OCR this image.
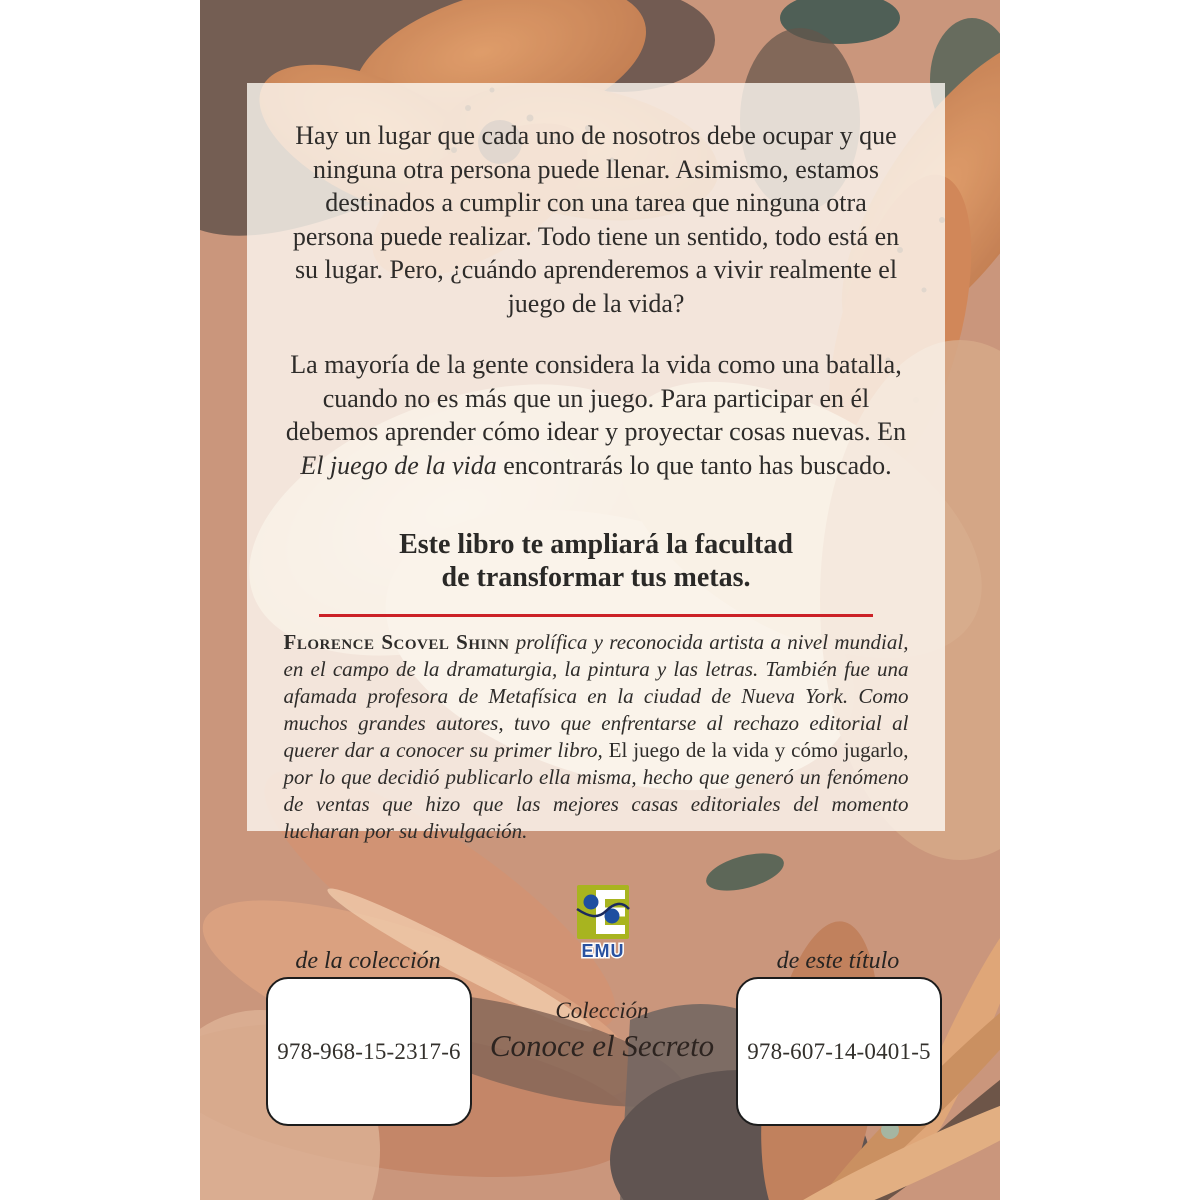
Hay un lugar que cada uno de nosotros debe ocupar y que ninguna otra persona puede llenar. Asimismo, estamos destinados a cumplir con una tarea que ninguna otra persona puede realizar. Todo tiene un sentido, todo está en su lugar. Pero, ¿cuándo aprenderemos a vivir realmente el juego de la vida?

La mayoría de la gente considera la vida como una batalla, cuando no es más que un juego. Para participar en él debemos aprender cómo idear y proyectar cosas nuevas. En El juego de la vida encontrarás lo que tanto has buscado.

Este libro te ampliará la facultad
de transformar tus metas.

Florence Scovel Shinn prolífica y reconocida artista a nivel mundial, en el campo de la dramaturgia, la pintura y las letras. También fue una afamada profesora de Metafísica en la ciudad de Nueva York. Como muchos grandes autores, tuvo que enfrentarse al rechazo editorial al querer dar a conocer su primer libro, El juego de la vida y cómo jugarlo, por lo que decidió publicarlo ella misma, hecho que generó un fenómeno de ventas que hizo que las mejores casas editoriales del momento lucharan por su divulgación.

EMU
de la colección	de este título
978-968-15-2317-6
Colección
Conoce el Secreto	978-607-14-0401-5
